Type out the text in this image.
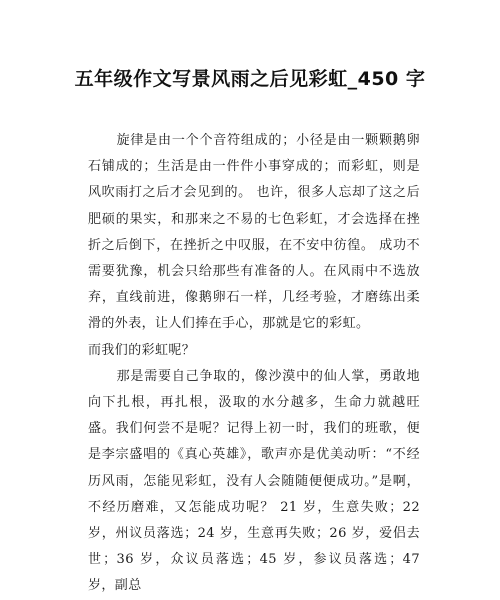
五年级作文写景风雨之后见彩虹_450 字

旋律是由一个个音符组成的；小径是由一颗颗鹅卵石铺成的；生活是由一件件小事穿成的；而彩虹，则是风吹雨打之后才会见到的。 也许，很多人忘却了这之后肥硕的果实，和那来之不易的七色彩虹，才会选择在挫折之后倒下，在挫折之中叹服，在不安中彷徨。 成功不需要犹豫，机会只给那些有准备的人。在风雨中不选放弃，直线前进，像鹅卵石一样，几经考验，才磨练出柔滑的外表，让人们捧在手心，那就是它的彩虹。

而我们的彩虹呢？

那是需要自己争取的，像沙漠中的仙人掌，勇敢地向下扎根，再扎根，汲取的水分越多，生命力就越旺盛。我们何尝不是呢？记得上初一时，我们的班歌，便是李宗盛唱的《真心英雄》，歌声亦是优美动听：“不经历风雨，怎能见彩虹，没有人会随随便便成功。”是啊，不经历磨难，又怎能成功呢？ 21 岁，生意失败；22 岁，州议员落选；24 岁，生意再失败；26 岁，爱侣去世；36 岁，众议员落选；45 岁，参议员落选；47 岁，副总
